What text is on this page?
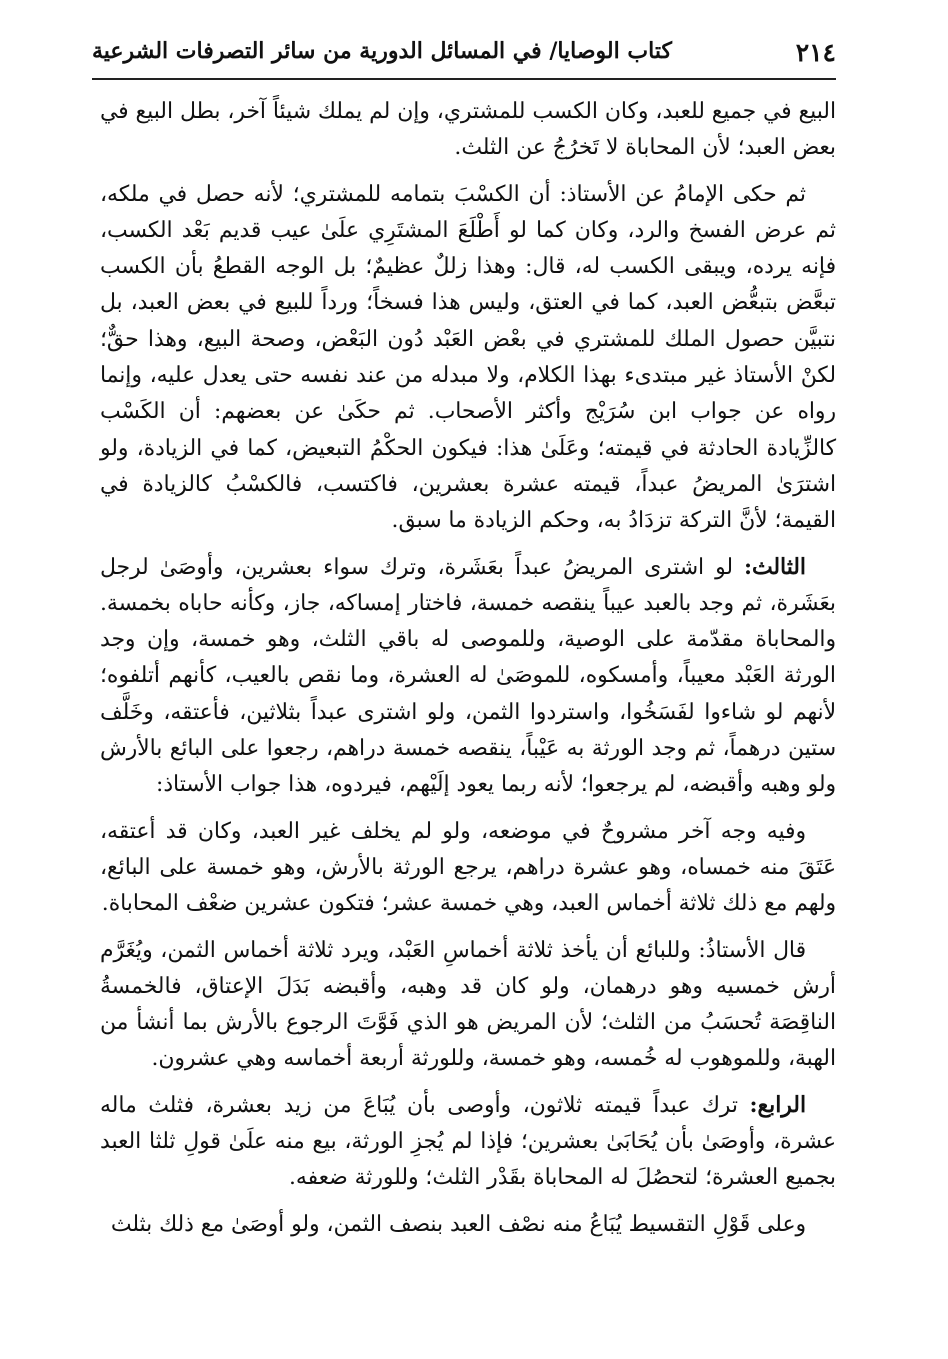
٢١٤
كتاب الوصايا/ في المسائل الدورية من سائر التصرفات الشرعية

البيع في جميع للعبد، وكان الكسب للمشتري، وإن لم يملك شيئاً آخر، بطل البيع في بعض العبد؛ لأن المحاباة لا تَخرُجُ عن الثلث.

ثم حكى الإمامُ عن الأستاذ: أن الكسْبَ بتمامه للمشتري؛ لأنه حصل في ملكه، ثم عرض الفسخ والرد، وكان كما لو أَطْلَعَ المشتَرِي علَىٰ عيب قديم بَعْد الكسب، فإنه يرده، ويبقى الكسب له، قال: وهذا زللٌ عظيمٌ؛ بل الوجه القطعُ بأن الكسب تبعَّض بتبعُّض العبد، كما في العتق، وليس هذا فسخاً؛ ورداً للبيع في بعض العبد، بل نتبيَّن حصول الملك للمشتري في بعْض العَبْد دُون البَعْض، وصحة البيع، وهذا حقٌّ؛ لكنْ الأستاذ غير مبتدىء بهذا الكلام، ولا مبدله من عند نفسه حتى يعدل عليه، وإنما رواه عن جواب ابن سُرَيْج وأكثر الأصحاب. ثم حكَىٰ عن بعضهم: أن الكَسْب كالزِّيادة الحادثة في قيمته؛ وعَلَىٰ هذا: فيكون الحكْمُ التبعيض، كما في الزيادة، ولو اشترَىٰ المريضُ عبداً، قيمته عشرة بعشرين، فاكتسب، فالكسْبُ كالزيادة في القيمة؛ لأنَّ التركة تزدَادُ به، وحكم الزيادة ما سبق.

الثالث: لو اشترى المريضُ عبداً بعَشَرة، وترك سواء بعشرين، وأوصَىٰ لرجل بعَشَرة، ثم وجد بالعبد عيباً ينقصه خمسة، فاختار إمساكه، جاز، وكأنه حاباه بخمسة. والمحاباة مقدّمة على الوصية، وللموصى له باقي الثلث، وهو خمسة، وإن وجد الورثة العَبْد معيباً، وأمسكوه، للموصَىٰ له العشرة، وما نقص بالعيب، كأنهم أتلفوه؛ لأنهم لو شاءوا لفَسَخُوا، واستردوا الثمن، ولو اشترى عبداً بثلاثين، فأعتقه، وخَلَّف ستين درهماً، ثم وجد الورثة به عَيْباً، ينقصه خمسة دراهم، رجعوا على البائع بالأرش ولو وهبه وأقبضه، لم يرجعوا؛ لأنه ربما يعود إلَيْهم، فيردوه، هذا جواب الأستاذ:

وفيه وجه آخر مشروحٌ في موضعه، ولو لم يخلف غير العبد، وكان قد أعتقه، عَتَقَ منه خمساه، وهو عشرة دراهم، يرجع الورثة بالأرش، وهو خمسة على البائع، ولهم مع ذلك ثلاثة أخماس العبد، وهي خمسة عشر؛ فتكون عشرين ضعْف المحاباة.

قال الأستاذُ: وللبائع أن يأخذ ثلاثة أخماسِ العَبْد، ويرد ثلاثة أخماس الثمن، ويُغَرَّم أرش خمسيه وهو درهمان، ولو كان قد وهبه، وأقبضه بَدَلَ الإعتاق، فالخمسةُ الناقِصَة تُحسَبُ من الثلث؛ لأن المريض هو الذي فَوَّتَ الرجوع بالأرش بما أنشأ من الهبة، وللموهوب له خُمسه، وهو خمسة، وللورثة أربعة أخماسه وهي عشرون.

الرابع: ترك عبداً قيمته ثلاثون، وأوصى بأن يُبَاعَ من زيد بعشرة، فثلث ماله عشرة، وأوصَىٰ بأن يُحَابَىٰ بعشرين؛ فإذا لم يُجزِ الورثة، بيع منه علَىٰ قولِ ثلثا العبد بجميع العشرة؛ لتحصُلَ له المحاباة بقَدْر الثلث؛ وللورثة ضعفه.

وعلى قَوْلِ التقسيط يُبَاعُ منه نصْف العبد بنصف الثمن، ولو أوصَىٰ مع ذلك بثلث
